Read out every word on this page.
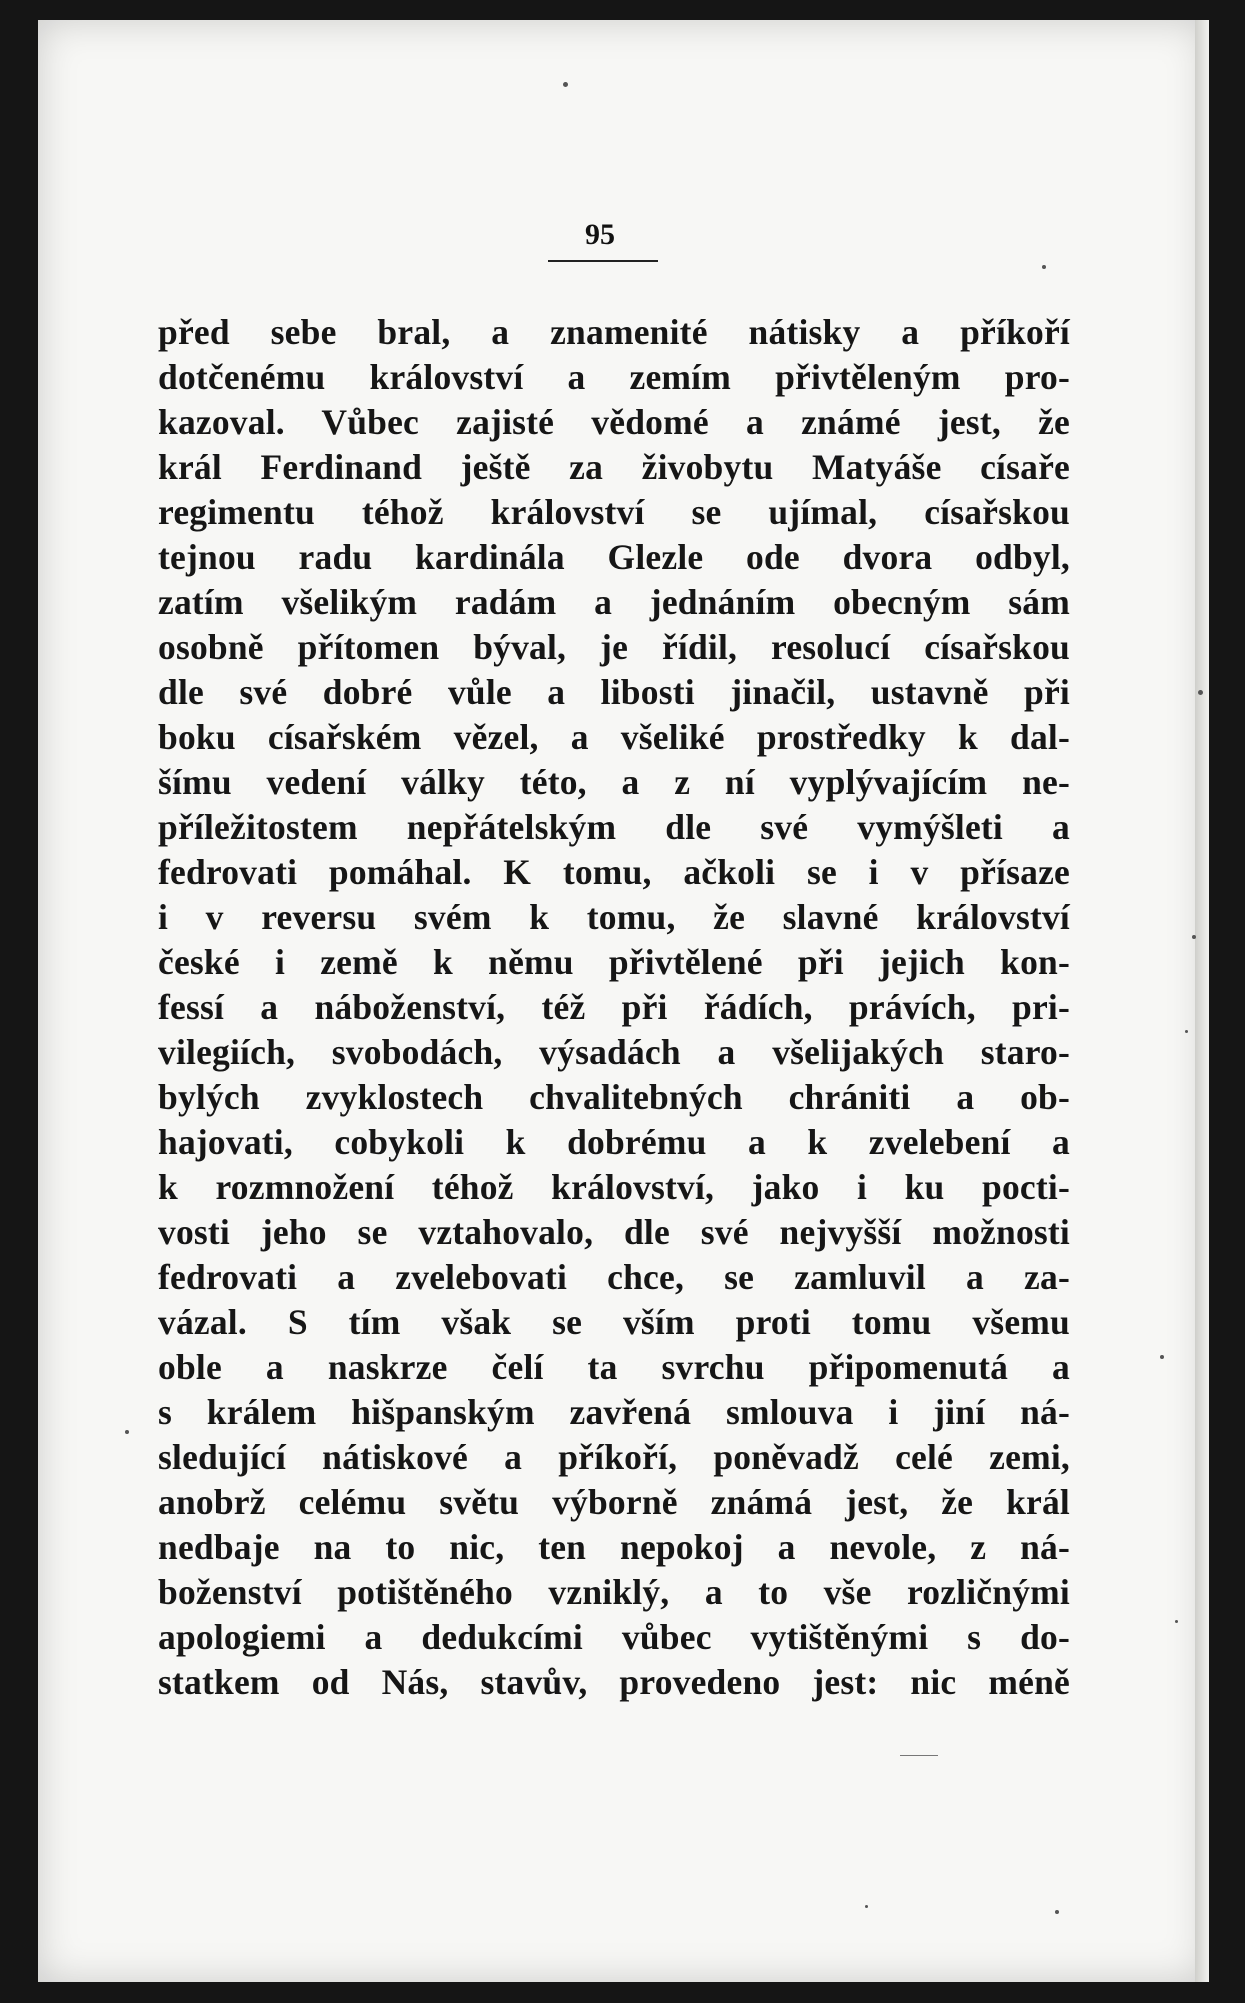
95
před sebe bral, a znamenité nátisky a příkoří
dotčenému království a zemím přivtěleným pro-
kazoval. Vůbec zajisté vědomé a známé jest, že
král Ferdinand ještě za živobytu Matyáše císaře
regimentu téhož království se ujímal, císařskou
tejnou radu kardinála Glezle ode dvora odbyl,
zatím všelikým radám a jednáním obecným sám
osobně přítomen býval, je řídil, resolucí císařskou
dle své dobré vůle a libosti jinačil, ustavně při
boku císařském vězel, a všeliké prostředky k dal-
šímu vedení války této, a z ní vyplývajícím ne-
příležitostem nepřátelským dle své vymýšleti a
fedrovati pomáhal. K tomu, ačkoli se i v přísaze
i v reversu svém k tomu, že slavné království
české i země k němu přivtělené při jejich kon-
fessí a náboženství, též při řádích, právích, pri-
vilegiích, svobodách, výsadách a všelijakých staro-
bylých zvyklostech chvalitebných chrániti a ob-
hajovati, cobykoli k dobrému a k zvelebení a
k rozmnožení téhož království, jako i ku pocti-
vosti jeho se vztahovalo, dle své nejvyšší možnosti
fedrovati a zvelebovati chce, se zamluvil a za-
vázal. S tím však se vším proti tomu všemu
oble a naskrze čelí ta svrchu připomenutá a
s králem hišpanským zavřená smlouva i jiní ná-
sledující nátiskové a příkoří, poněvadž celé zemi,
anobrž celému světu výborně známá jest, že král
nedbaje na to nic, ten nepokoj a nevole, z ná-
boženství potištěného vzniklý, a to vše rozličnými
apologiemi a dedukcími vůbec vytištěnými s do-
statkem od Nás, stavův, provedeno jest: nic méně
